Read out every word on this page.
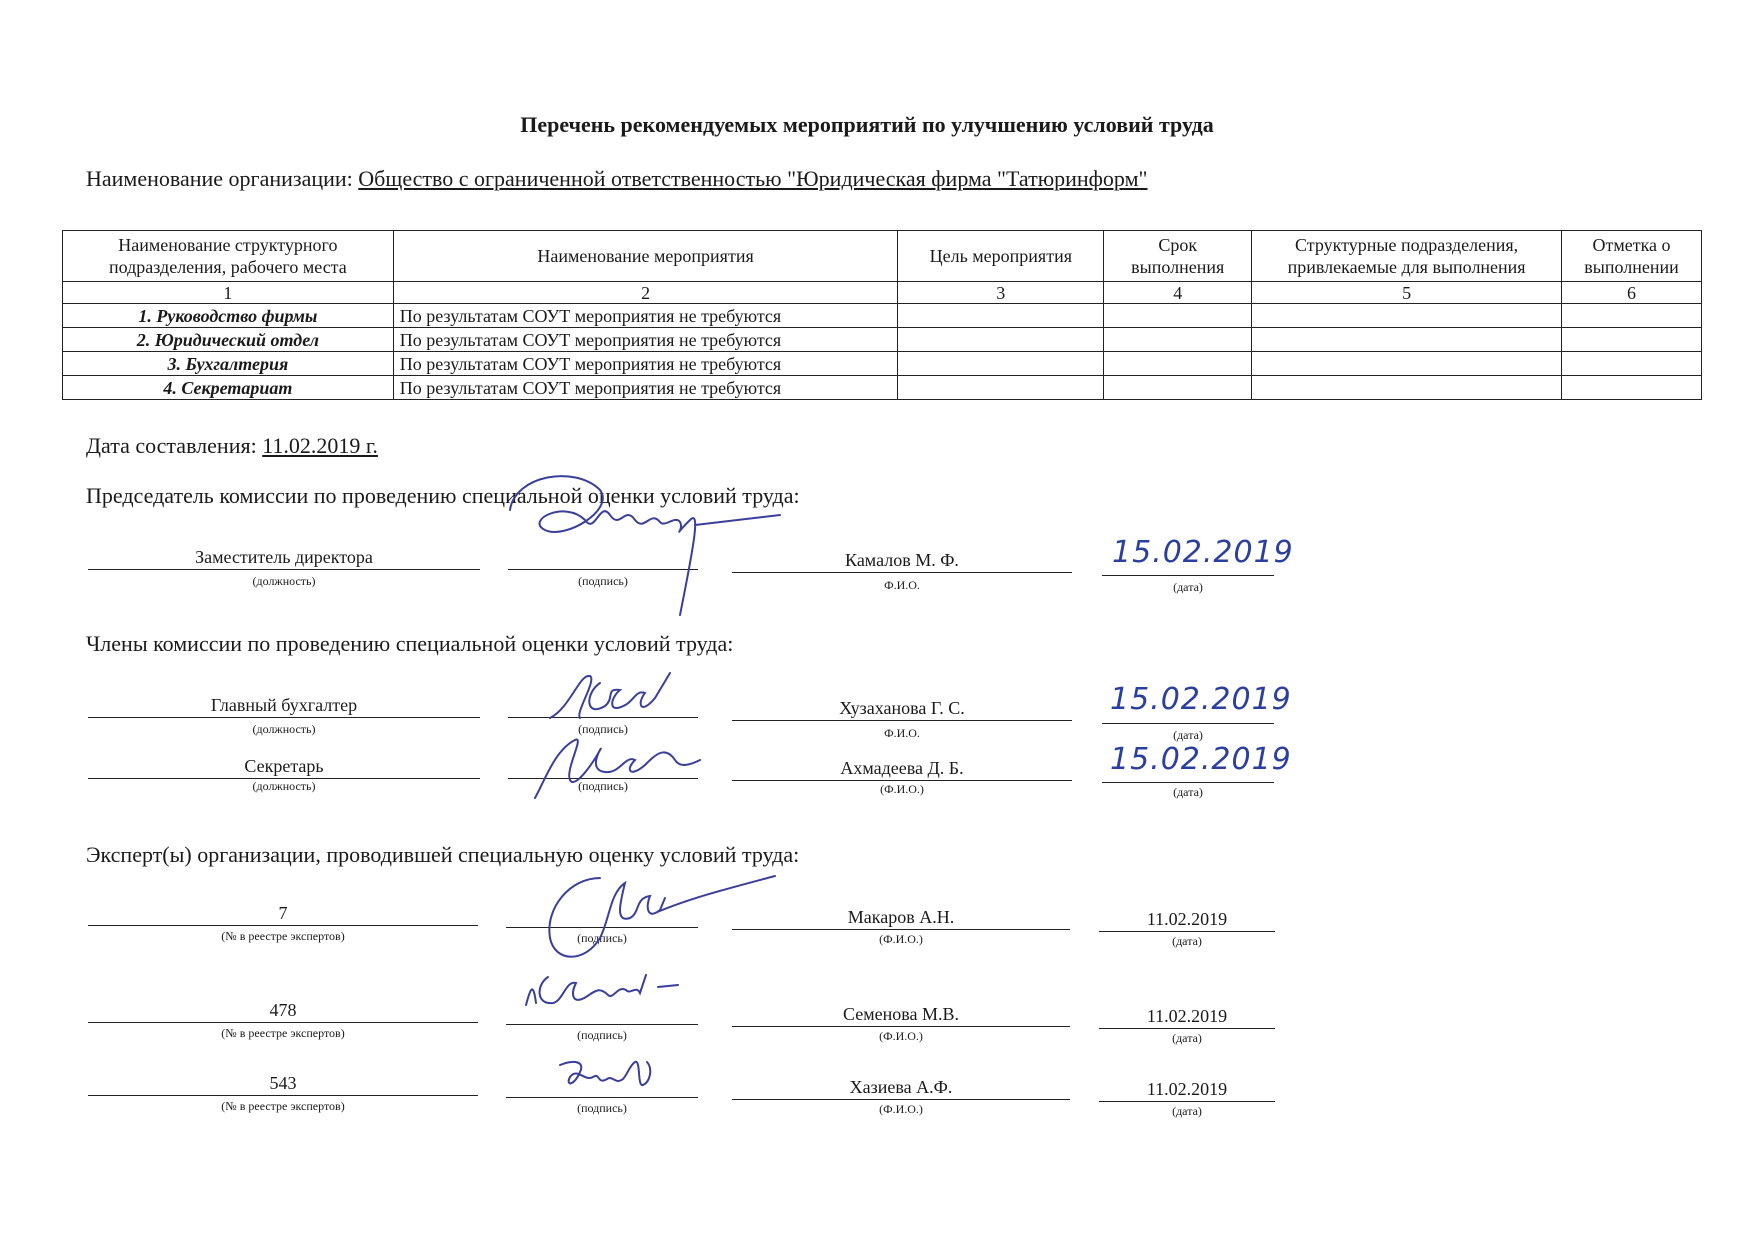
Перечень рекомендуемых мероприятий по улучшению условий труда
Наименование организации: Общество с ограниченной ответственностью "Юридическая фирма "Татюринформ"
Наименование структурного подразделения, рабочего места	Наименование мероприятия	Цель мероприятия	Срок выполнения	Структурные подразделения, привлекаемые для выполнения	Отметка о выполнении
1	2	3	4	5	6
1. Руководство фирмы	По результатам СОУТ мероприятия не требуются				
2. Юридический отдел	По результатам СОУТ мероприятия не требуются				
3. Бухгалтерия	По результатам СОУТ мероприятия не требуются				
4. Секретариат	По результатам СОУТ мероприятия не требуются				
Дата составления: 11.02.2019 г.
Председатель комиссии по проведению специальной оценки условий труда:
Заместитель директора
(должность)	(подпись)
Камалов М. Ф.
Ф.И.О.
15.02.2019
(дата)
Члены комиссии по проведению специальной оценки условий труда:
Главный бухгалтер
(должность)	(подпись)
Хузаханова Г. С.
Ф.И.О.
15.02.2019
(дата)
Секретарь
(должность)	(подпись)
Ахмадеева Д. Б.
(Ф.И.О.)
15.02.2019
(дата)
Эксперт(ы) организации, проводившей специальную оценку условий труда:
7
(№ в реестре экспертов)	(подпись)
Макаров А.Н.
(Ф.И.О.)
11.02.2019
(дата)
478
(№ в реестре экспертов)	(подпись)
Семенова М.В.
(Ф.И.О.)
11.02.2019
(дата)
543
(№ в реестре экспертов)	(подпись)
Хазиева А.Ф.
(Ф.И.О.)
11.02.2019
(дата)
